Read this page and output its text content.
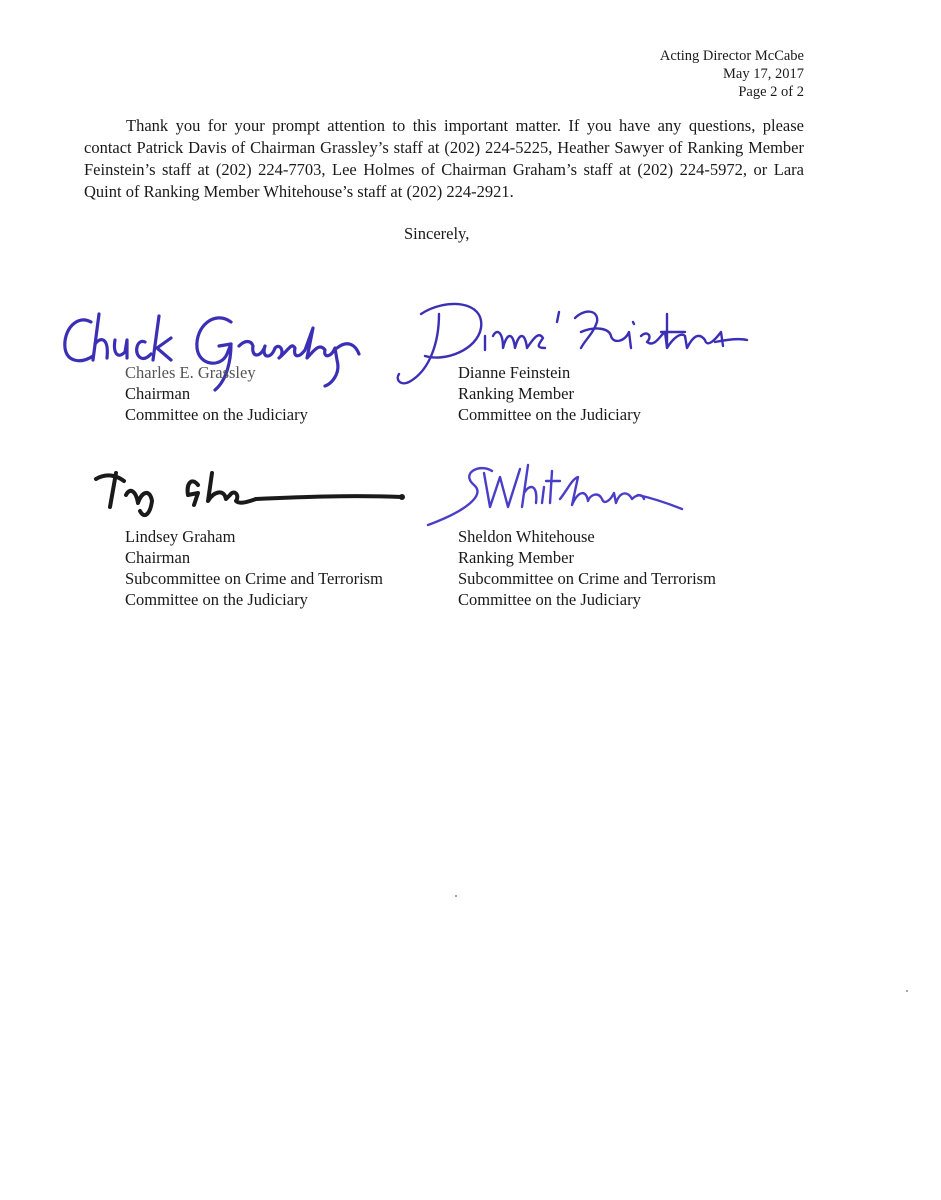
Acting Director McCabe
May 17, 2017
Page 2 of 2
Thank you for your prompt attention to this important matter. If you have any questions, please contact Patrick Davis of Chairman Grassley’s staff at (202) 224-5225, Heather Sawyer of Ranking Member Feinstein’s staff at (202) 224-7703, Lee Holmes of Chairman Graham’s staff at (202) 224-5972, or Lara Quint of Ranking Member Whitehouse’s staff at (202) 224-2921.
Sincerely,
Charles E. Grassley
Chairman
Committee on the Judiciary
Dianne Feinstein
Ranking Member
Committee on the Judiciary
Lindsey Graham
Chairman
Subcommittee on Crime and Terrorism
Committee on the Judiciary
Sheldon Whitehouse
Ranking Member
Subcommittee on Crime and Terrorism
Committee on the Judiciary
